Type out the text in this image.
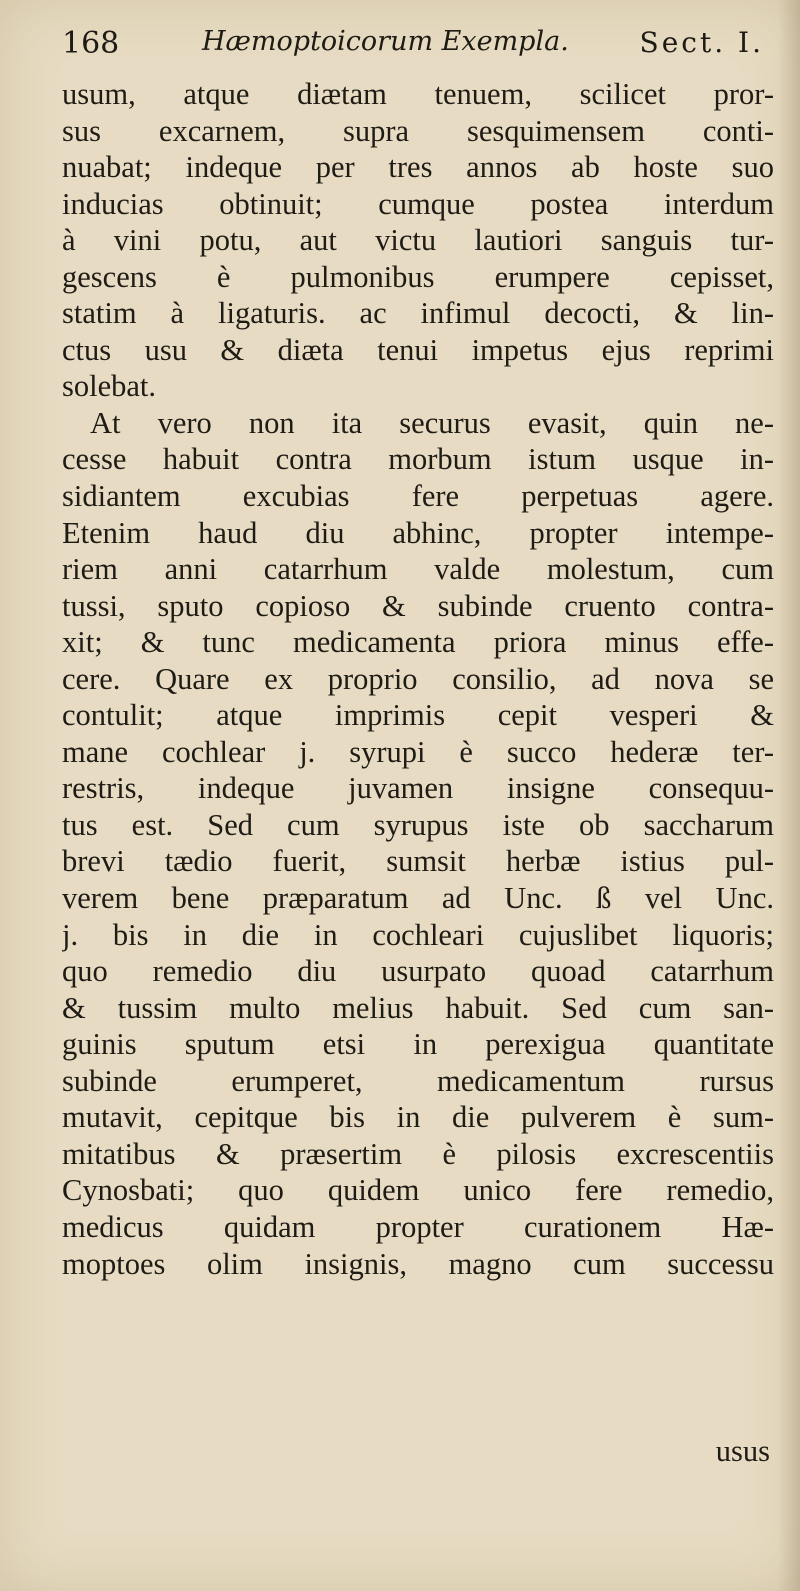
168	Hæmoptoicorum Exempla.	Sect. I.
usum, atque diætam tenuem, scilicet pror-
sus excarnem, supra sesquimensem conti-
nuabat; indeque per tres annos ab hoste suo
inducias obtinuit; cumque postea interdum
à vini potu, aut victu lautiori sanguis tur-
gescens è pulmonibus erumpere cepisset,
statim à ligaturis. ac infimul decocti, & lin-
ctus usu & diæta tenui impetus ejus reprimi
solebat.
At vero non ita securus evasit, quin ne-
cesse habuit contra morbum istum usque in-
sidiantem excubias fere perpetuas agere.
Etenim haud diu abhinc, propter intempe-
riem anni catarrhum valde molestum, cum
tussi, sputo copioso & subinde cruento contra-
xit; & tunc medicamenta priora minus effe-
cere. Quare ex proprio consilio, ad nova se
contulit; atque imprimis cepit vesperi &
mane cochlear j. syrupi è succo hederæ ter-
restris, indeque juvamen insigne consequu-
tus est. Sed cum syrupus iste ob saccharum
brevi tædio fuerit, sumsit herbæ istius pul-
verem bene præparatum ad Unc. ß vel Unc.
j. bis in die in cochleari cujuslibet liquoris;
quo remedio diu usurpato quoad catarrhum
& tussim multo melius habuit. Sed cum san-
guinis sputum etsi in perexigua quantitate
subinde erumperet, medicamentum rursus
mutavit, cepitque bis in die pulverem è sum-
mitatibus & præsertim è pilosis excrescentiis
Cynosbati; quo quidem unico fere remedio,
medicus quidam propter curationem Hæ-
moptoes olim insignis, magno cum successu
usus
